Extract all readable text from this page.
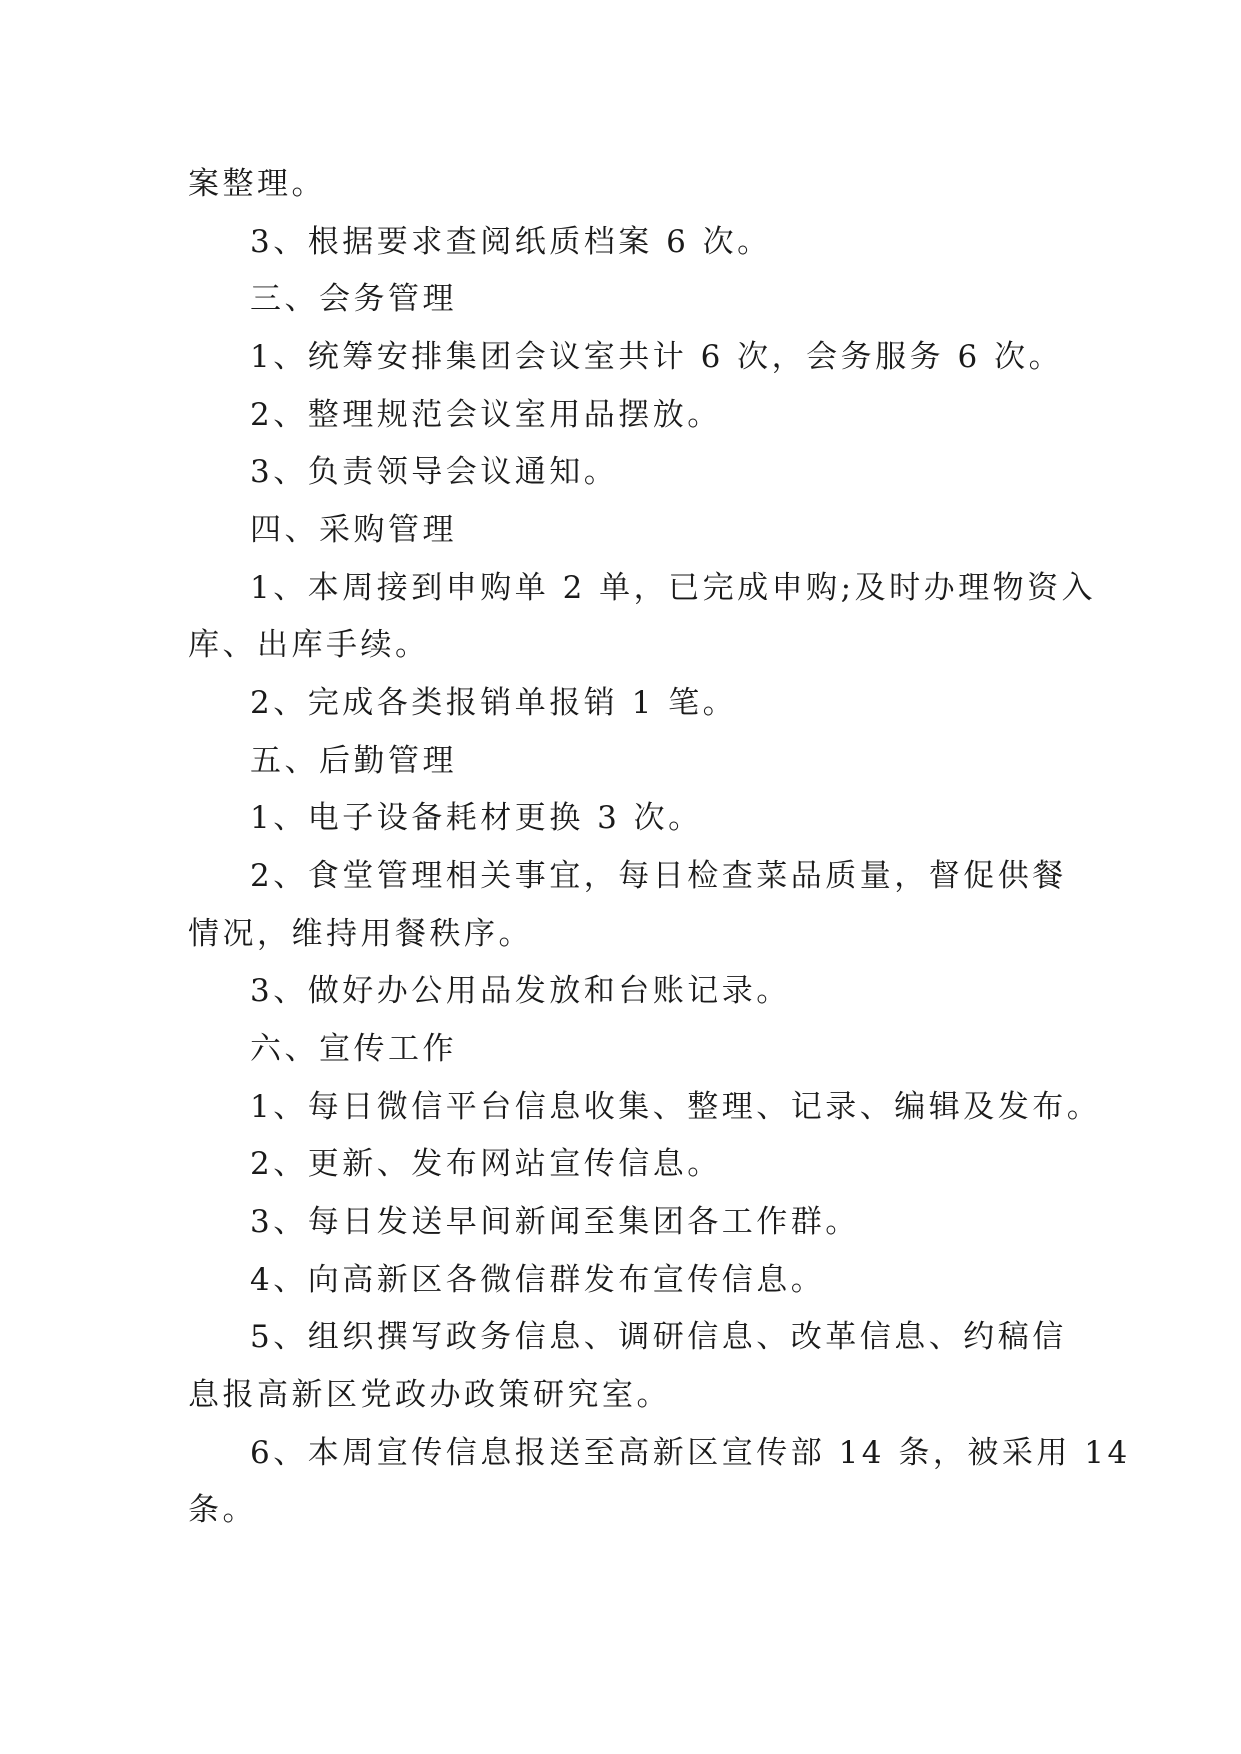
案整理。
3、根据要求查阅纸质档案 6 次。
三、会务管理
1、统筹安排集团会议室共计 6 次，会务服务 6 次。
2、整理规范会议室用品摆放。
3、负责领导会议通知。
四、采购管理
1、本周接到申购单 2 单，已完成申购;及时办理物资入
库、出库手续。
2、完成各类报销单报销 1 笔。
五、后勤管理
1、电子设备耗材更换 3 次。
2、食堂管理相关事宜，每日检查菜品质量，督促供餐
情况，维持用餐秩序。
3、做好办公用品发放和台账记录。
六、宣传工作
1、每日微信平台信息收集、整理、记录、编辑及发布。
2、更新、发布网站宣传信息。
3、每日发送早间新闻至集团各工作群。
4、向高新区各微信群发布宣传信息。
5、组织撰写政务信息、调研信息、改革信息、约稿信
息报高新区党政办政策研究室。
6、本周宣传信息报送至高新区宣传部 14 条，被采用 14
条。
